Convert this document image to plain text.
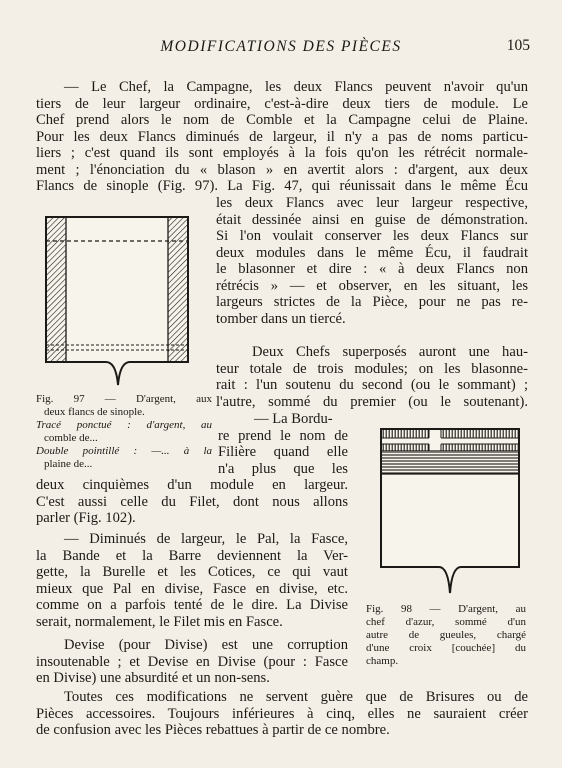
MODIFICATIONS DES PIÈCES	105
— Le Chef, la Campagne, les deux Flancs peuvent n'avoir qu'un
tiers de leur largeur ordinaire, c'est-à-dire deux tiers de module. Le
Chef prend alors le nom de Comble et la Campagne celui de Plaine.
Pour les deux Flancs diminués de largeur, il n'y a pas de noms particu-
liers ; c'est quand ils sont employés à la fois qu'on les rétrécit normale-
ment ; l'énonciation du « blason » en avertit alors : d'argent, aux deux
Flancs de sinople (Fig. 97). La Fig. 47, qui réunissait dans le même Écu
les deux Flancs avec leur largeur respective,
était dessinée ainsi en guise de démonstration.
Si l'on voulait conserver les deux Flancs sur
deux modules dans le même Écu, il faudrait
le blasonner et dire : « à deux Flancs non
rétrécis » — et observer, en les situant, les
largeurs strictes de la Pièce, pour ne pas re-
tomber dans un tiercé.
Deux Chefs superposés auront une hau-
teur totale de trois modules; on les blasonne-
rait : l'un soutenu du second (ou le sommant) ;
l'autre, sommé du premier (ou le soutenant).
Fig. 97 — D'argent, aux
deux flancs de sinople.
Tracé ponctué : d'argent, au
comble de...
Double pointillé : —... à la
plaine de...
— La Bordu-
re prend le nom de
Filière quand elle
n'a plus que les
deux cinquièmes d'un module en largeur.
C'est aussi celle du Filet, dont nous allons
parler (Fig. 102).
— Diminués de largeur, le Pal, la Fasce,
la Bande et la Barre deviennent la Ver-
gette, la Burelle et les Cotices, ce qui vaut
mieux que Pal en divise, Fasce en divise, etc.
comme on a parfois tenté de le dire. La Divise
serait, normalement, le Filet mis en Fasce.
Devise (pour Divise) est une corruption
insoutenable ; et Devise en Divise (pour : Fasce
en Divise) une absurdité et un non-sens.
Fig. 98 — D'argent, au
chef d'azur, sommé d'un
autre de gueules, chargé
d'une croix [couchée] du
champ.
Toutes ces modifications ne servent guère que de Brisures ou de
Pièces accessoires. Toujours inférieures à cinq, elles ne sauraient créer
de confusion avec les Pièces rebattues à partir de ce nombre.
